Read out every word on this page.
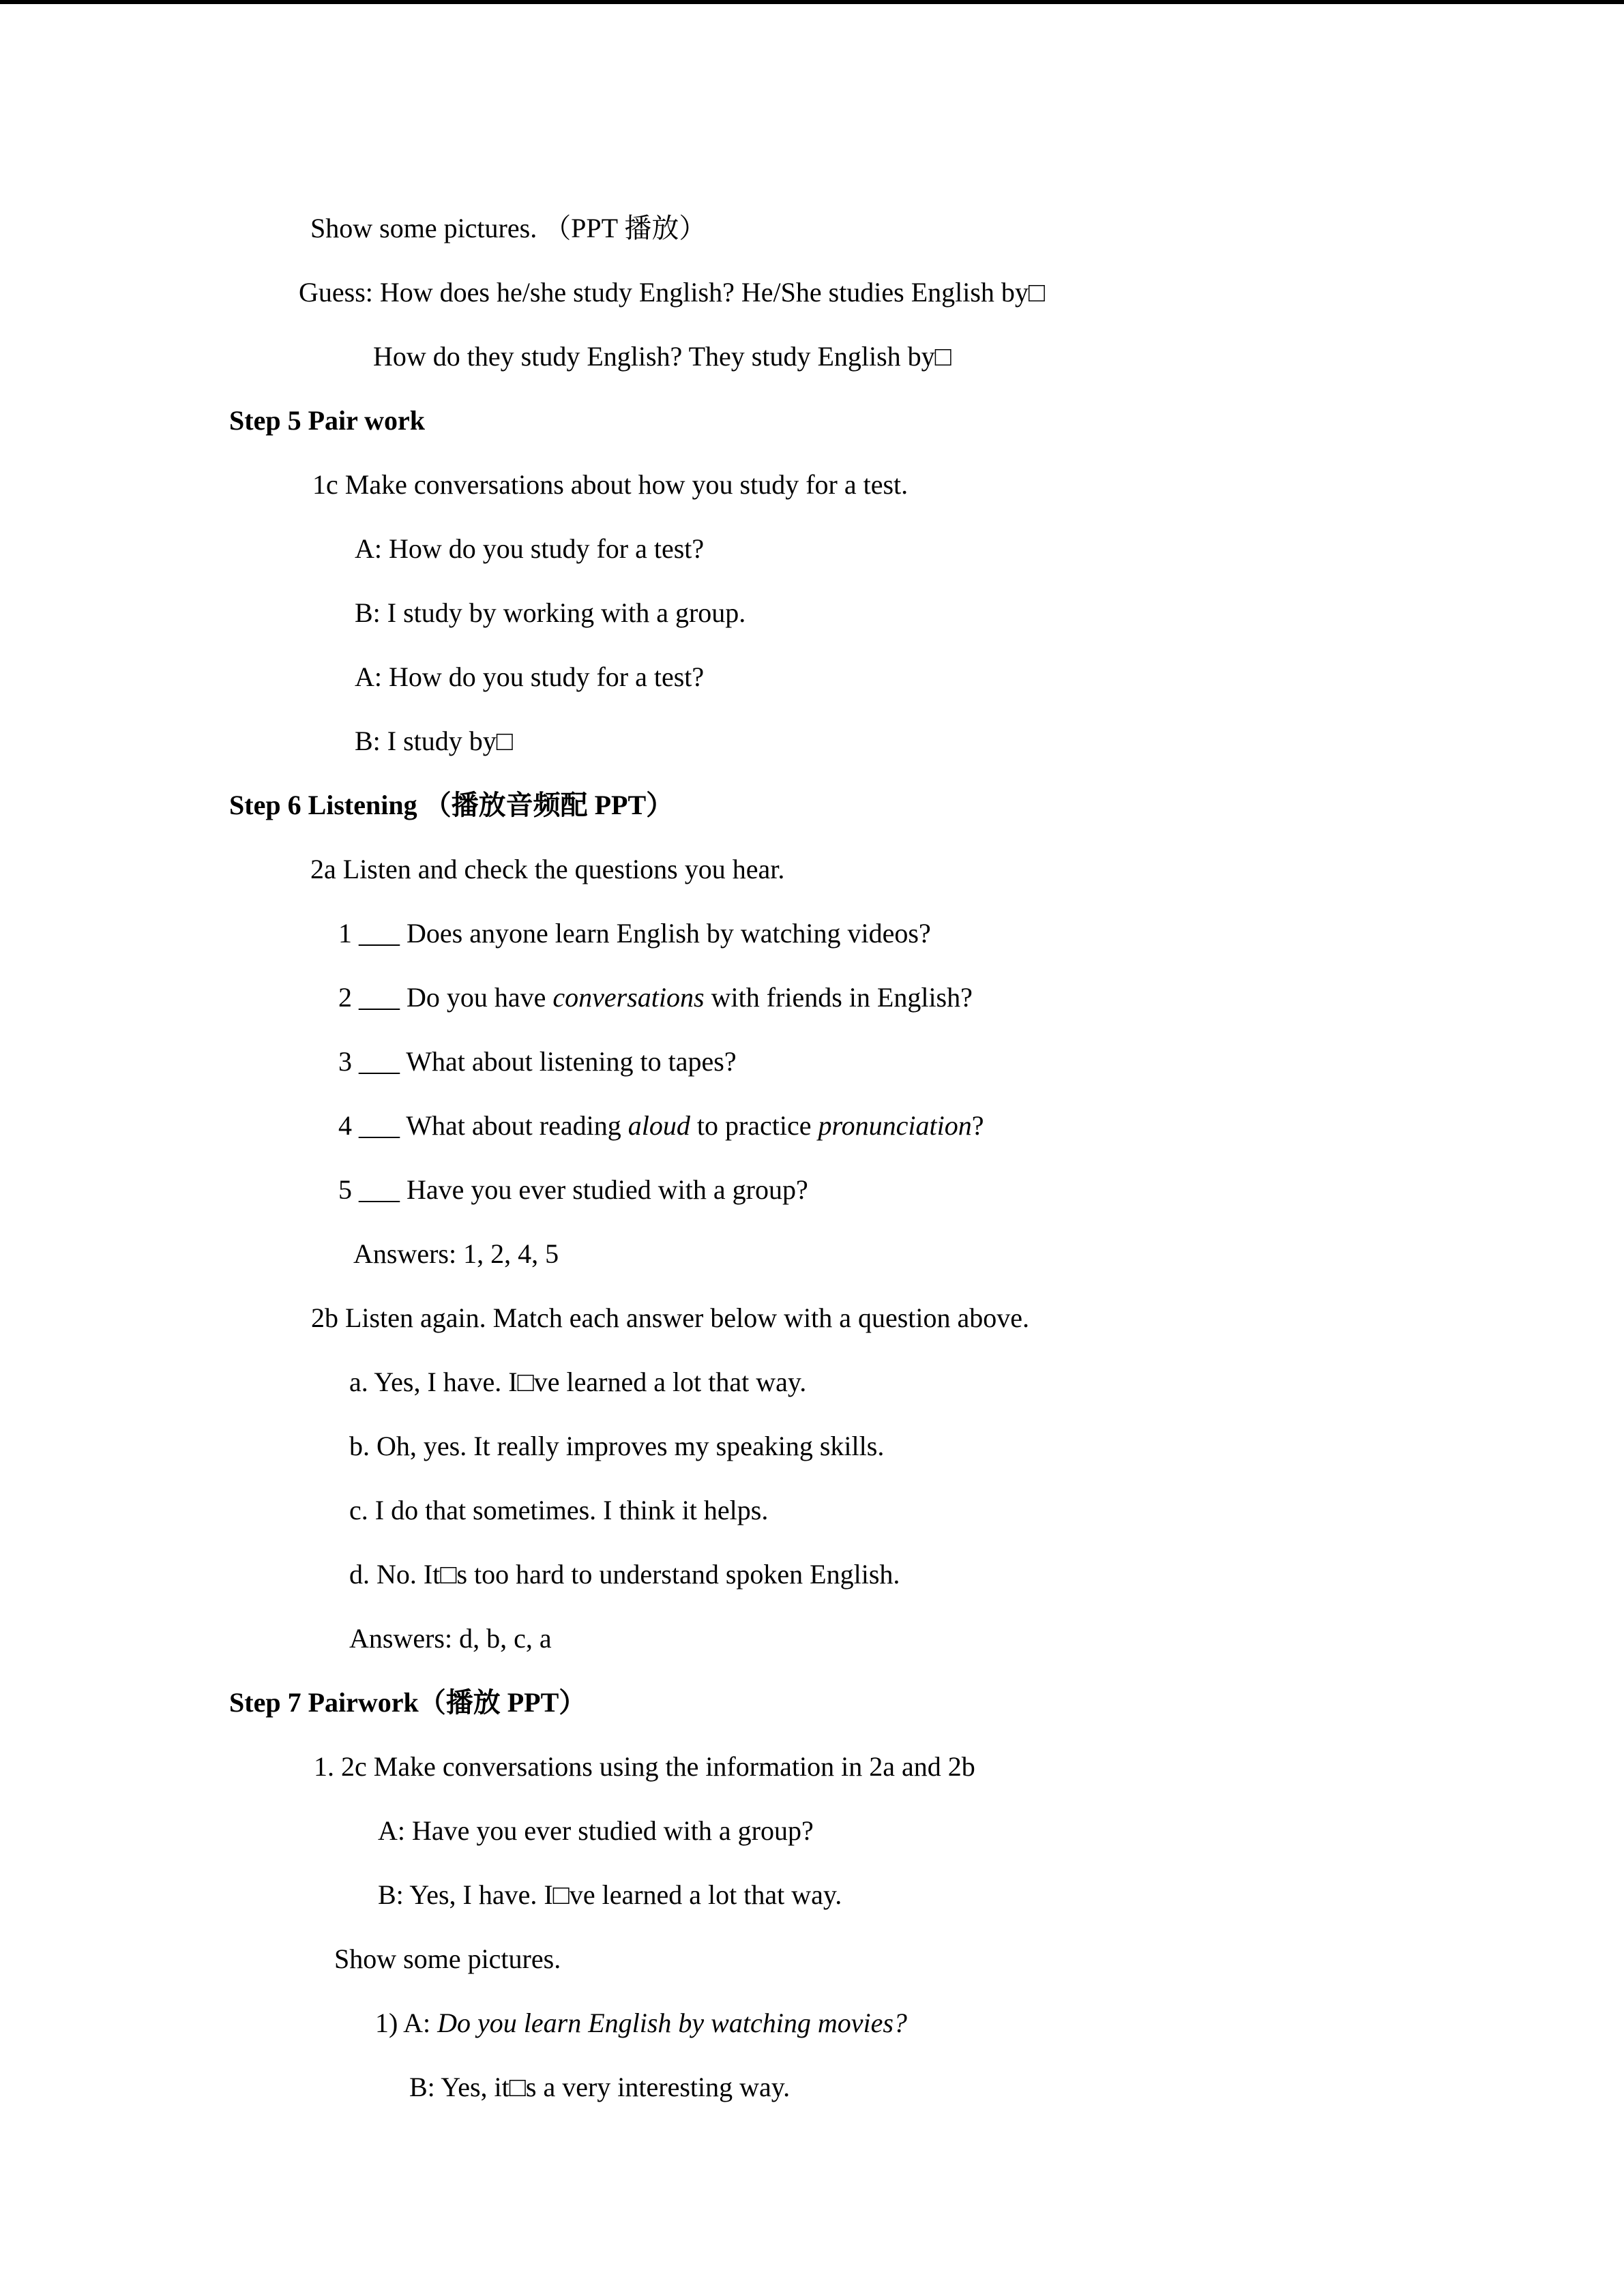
Show some pictures. （PPT 播放）
Guess: How does he/she study English? He/She studies English by□
How do they study English? They study English by□
Step 5 Pair work
1c Make conversations about how you study for a test.
A: How do you study for a test?
B: I study by working with a group.
A: How do you study for a test?
B: I study by□
Step 6 Listening （播放音频配 PPT）
2a Listen and check the questions you hear.
1 ___ Does anyone learn English by watching videos?
2 ___ Do you have conversations with friends in English?
3 ___ What about listening to tapes?
4 ___ What about reading aloud to practice pronunciation?
5 ___ Have you ever studied with a group?
Answers: 1, 2, 4, 5
2b Listen again. Match each answer below with a question above.
a. Yes, I have. I□ve learned a lot that way.
b. Oh, yes. It really improves my speaking skills.
c. I do that sometimes. I think it helps.
d. No. It□s too hard to understand spoken English.
Answers: d, b, c, a
Step 7 Pairwork（播放 PPT）
1. 2c Make conversations using the information in 2a and 2b
A: Have you ever studied with a group?
B: Yes, I have. I□ve learned a lot that way.
Show some pictures.
1) A: Do you learn English by watching movies?
B: Yes, it□s a very interesting way.
